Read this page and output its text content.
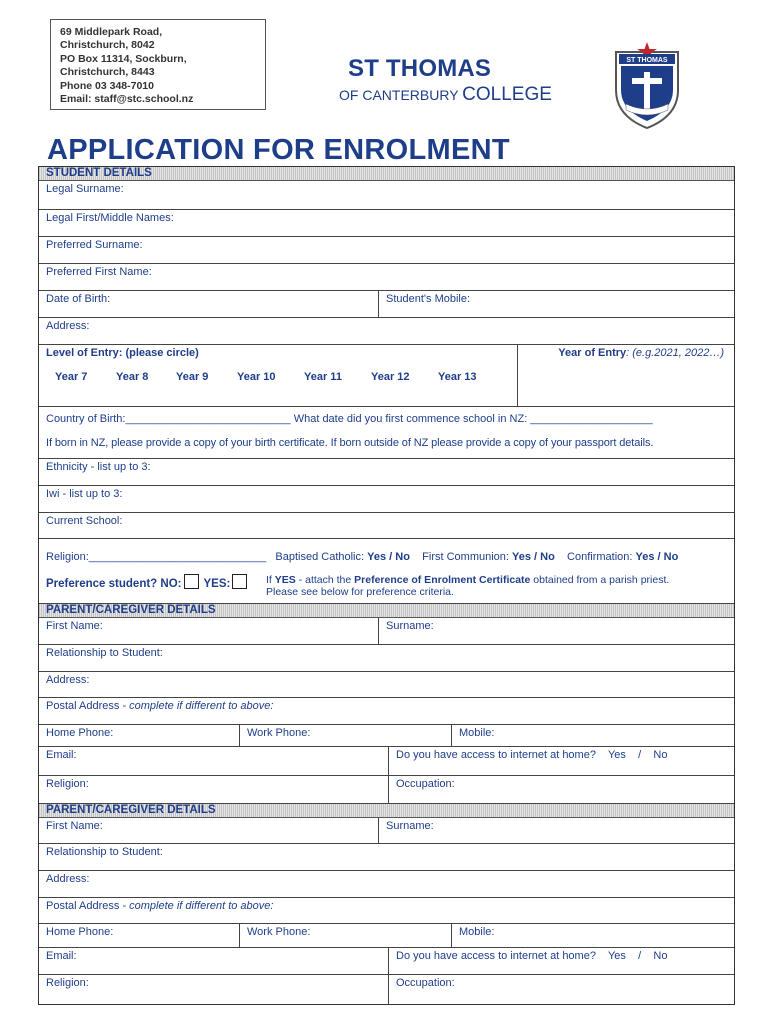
69 Middlepark Road,
Christchurch, 8042
PO Box 11314, Sockburn,
Christchurch, 8443
Phone 03 348-7010
Email: staff@stc.school.nz
ST THOMAS
OF CANTERBURY COLLEGE
ST THOMAS
APPLICATION FOR ENROLMENT
STUDENT DETAILS
Legal Surname:
Legal First/Middle Names:
Preferred Surname:
Preferred First Name:
Date of Birth:	Student's Mobile:
Address:
Level of Entry: (please circle)
Year 7	Year 8	Year 9	Year 10	Year 11	Year 12	Year 13
Year of Entry: (e.g.2021, 2022…)
Country of Birth:___________________________ What date did you first commence school in NZ: ____________________
If born in NZ, please provide a copy of your birth certificate. If born outside of NZ please provide a copy of your passport details.
Ethnicity - list up to 3:
Iwi - list up to 3:
Current School:
Religion:_____________________________ Baptised Catholic: Yes / No First Communion: Yes / No Confirmation: Yes / No
Preference student? NO: YES:	If YES - attach the Preference of Enrolment Certificate obtained from a parish priest.
Please see below for preference criteria.
PARENT/CAREGIVER DETAILS
First Name:	Surname:
Relationship to Student:
Address:
Postal Address - complete if different to above:
Home Phone:	Work Phone:	Mobile:
Email:	Do you have access to internet at home?    Yes    /    No
Religion:	Occupation:
PARENT/CAREGIVER DETAILS
First Name:	Surname:
Relationship to Student:
Address:
Postal Address - complete if different to above:
Home Phone:	Work Phone:	Mobile:
Email:	Do you have access to internet at home?    Yes    /    No
Religion:	Occupation:
